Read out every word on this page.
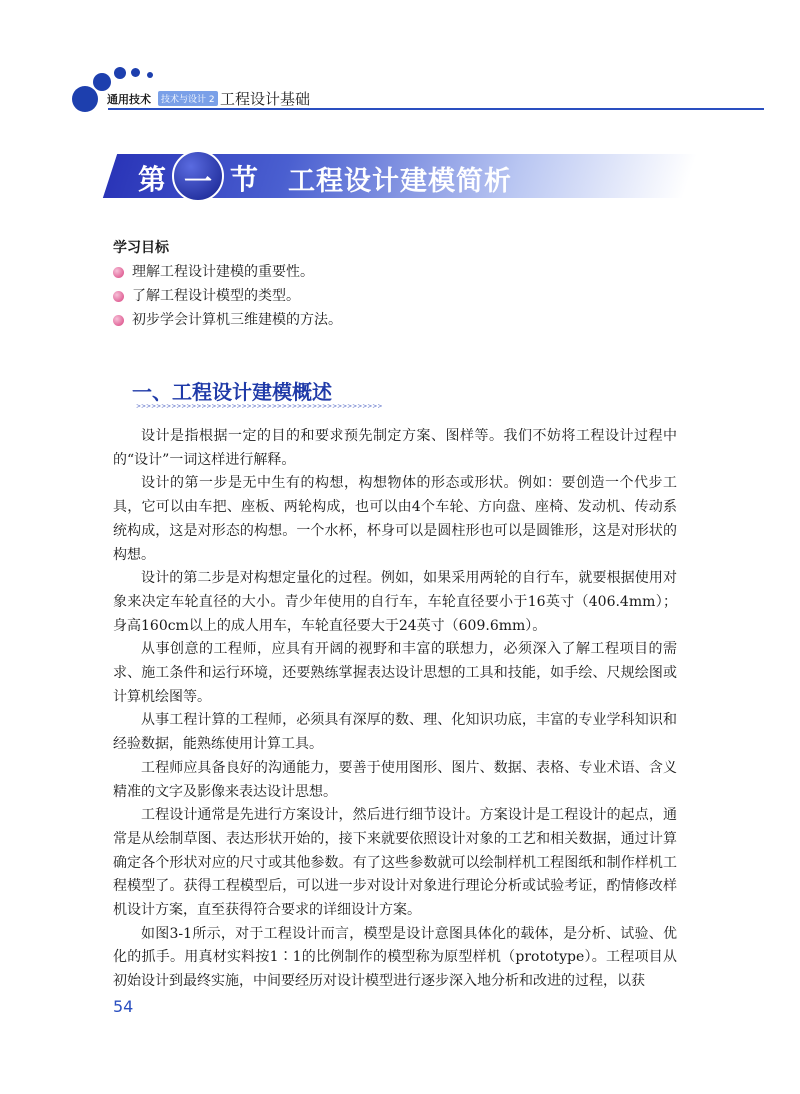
通用技术	技术与设计 2 工程设计基础
第 一 节 工程设计建模简析
学习目标
理解工程设计建模的重要性。
了解工程设计模型的类型。
初步学会计算机三维建模的方法。
一、工程设计建模概述
>>>>>>>>>>>>>>>>>>>>>>>>>>>>>>>>>>>>>>>>>>>>>>>>>

设计是指根据一定的目的和要求预先制定方案、图样等。我们不妨将工程设计过程中的“设计”一词这样进行解释。

设计的第一步是无中生有的构想，构想物体的形态或形状。例如：要创造一个代步工具，它可以由车把、座板、两轮构成，也可以由4个车轮、方向盘、座椅、发动机、传动系统构成，这是对形态的构想。一个水杯，杯身可以是圆柱形也可以是圆锥形，这是对形状的构想。

设计的第二步是对构想定量化的过程。例如，如果采用两轮的自行车，就要根据使用对象来决定车轮直径的大小。青少年使用的自行车，车轮直径要小于16英寸（406.4mm）；身高160cm以上的成人用车，车轮直径要大于24英寸（609.6mm）。

从事创意的工程师，应具有开阔的视野和丰富的联想力，必须深入了解工程项目的需求、施工条件和运行环境，还要熟练掌握表达设计思想的工具和技能，如手绘、尺规绘图或计算机绘图等。

从事工程计算的工程师，必须具有深厚的数、理、化知识功底，丰富的专业学科知识和经验数据，能熟练使用计算工具。

工程师应具备良好的沟通能力，要善于使用图形、图片、数据、表格、专业术语、含义精准的文字及影像来表达设计思想。

工程设计通常是先进行方案设计，然后进行细节设计。方案设计是工程设计的起点，通常是从绘制草图、表达形状开始的，接下来就要依照设计对象的工艺和相关数据，通过计算确定各个形状对应的尺寸或其他参数。有了这些参数就可以绘制样机工程图纸和制作样机工程模型了。获得工程模型后，可以进一步对设计对象进行理论分析或试验考证，酌情修改样机设计方案，直至获得符合要求的详细设计方案。

如图3-1所示，对于工程设计而言，模型是设计意图具体化的载体，是分析、试验、优化的抓手。用真材实料按1∶1的比例制作的模型称为原型样机（prototype）。工程项目从初始设计到最终实施，中间要经历对设计模型进行逐步深入地分析和改进的过程，以获

54
